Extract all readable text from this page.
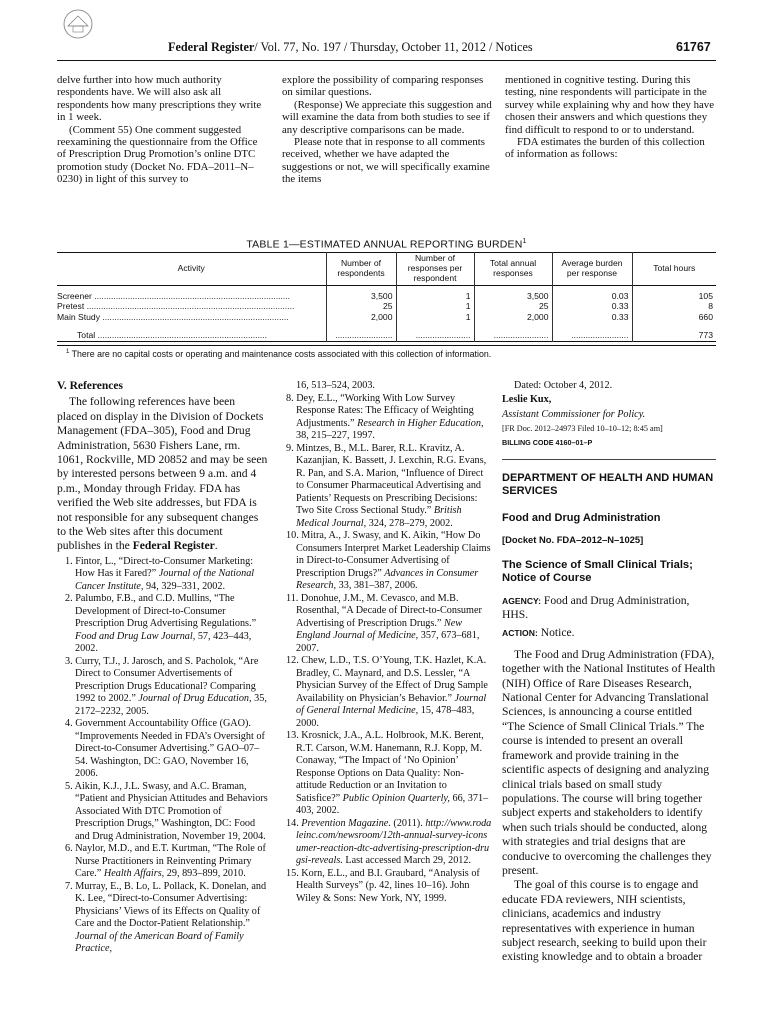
Federal Register/ Vol. 77, No. 197 / Thursday, October 11, 2012 / Notices	61767

delve further into how much authority respondents have. We will also ask all respondents how many prescriptions they write in 1 week.

(Comment 55) One comment suggested reexamining the questionnaire from the Office of Prescription Drug Promotion’s online DTC promotion study (Docket No. FDA–2011–N–0230) in light of this survey to

explore the possibility of comparing responses on similar questions.

(Response) We appreciate this suggestion and will examine the data from both studies to see if any descriptive comparisons can be made.

Please note that in response to all comments received, whether we have adapted the suggestions or not, we will specifically examine the items

mentioned in cognitive testing. During this testing, nine respondents will participate in the survey while explaining why and how they have chosen their answers and which questions they find difficult to respond to or to understand.

FDA estimates the burden of this collection of information as follows:

TABLE 1—ESTIMATED ANNUAL REPORTING BURDEN$^1$
Activity	Number of respondents	Number of responses per respondent	Total annual responses	Average burden per response	Total hours

Screener ..................................................................................	3,500	1	3,500	0.03	105
Pretest .......................................................................................	25	1	25	0.33	8
Main Study ..............................................................................	2,000	1	2,000	0.33	660

Total .......................................................................	........................	.......................	.......................	........................	773

$^1$ There are no capital costs or operating and maintenance costs associated with this collection of information.

V. References

The following references have been placed on display in the Division of Dockets Management (FDA–305), Food and Drug Administration, 5630 Fishers Lane, rm. 1061, Rockville, MD 20852 and may be seen by interested persons between 9 a.m. and 4 p.m., Monday through Friday. FDA has verified the Web site addresses, but FDA is not responsible for any subsequent changes to the Web sites after this document publishes in the Federal Register.

1. Fintor, L., “Direct-to-Consumer Marketing: How Has it Fared?” Journal of the National Cancer Institute, 94, 329–331, 2002.

2. Palumbo, F.B., and C.D. Mullins, “The Development of Direct-to-Consumer Prescription Drug Advertising Regulations.” Food and Drug Law Journal, 57, 423–443, 2002.

3. Curry, T.J., J. Jarosch, and S. Pacholok, “Are Direct to Consumer Advertisements of Prescription Drugs Educational? Comparing 1992 to 2002.” Journal of Drug Education, 35, 2172–2232, 2005.

4. Government Accountability Office (GAO). “Improvements Needed in FDA’s Oversight of Direct-to-Consumer Advertising.” GAO–07–54. Washington, DC: GAO, November 16, 2006.

5. Aikin, K.J., J.L. Swasy, and A.C. Braman, “Patient and Physician Attitudes and Behaviors Associated With DTC Promotion of Prescription Drugs,” Washington, DC: Food and Drug Administration, November 19, 2004.

6. Naylor, M.D., and E.T. Kurtman, “The Role of Nurse Practitioners in Reinventing Primary Care.” Health Affairs, 29, 893–899, 2010.

7. Murray, E., B. Lo, L. Pollack, K. Donelan, and K. Lee, “Direct-to-Consumer Advertising: Physicians’ Views of its Effects on Quality of Care and the Doctor-Patient Relationship.” Journal of the American Board of Family Practice,

16, 513–524, 2003.

8. Dey, E.L., “Working With Low Survey Response Rates: The Efficacy of Weighting Adjustments.” Research in Higher Education, 38, 215–227, 1997.

9. Mintzes, B., M.L. Barer, R.L. Kravitz, A. Kazanjian, K. Bassett, J. Lexchin, R.G. Evans, R. Pan, and S.A. Marion, “Influence of Direct to Consumer Pharmaceutical Advertising and Patients’ Requests on Prescribing Decisions: Two Site Cross Sectional Study.” British Medical Journal, 324, 278–279, 2002.

10. Mitra, A., J. Swasy, and K. Aikin, “How Do Consumers Interpret Market Leadership Claims in Direct-to-Consumer Advertising of Prescription Drugs?” Advances in Consumer Research, 33, 381–387, 2006.

11. Donohue, J.M., M. Cevasco, and M.B. Rosenthal, “A Decade of Direct-to-Consumer Advertising of Prescription Drugs.” New England Journal of Medicine, 357, 673–681, 2007.

12. Chew, L.D., T.S. O’Young, T.K. Hazlet, K.A. Bradley, C. Maynard, and D.S. Lessler, “A Physician Survey of the Effect of Drug Sample Availability on Physician’s Behavior.” Journal of General Internal Medicine, 15, 478–483, 2000.

13. Krosnick, J.A., A.L. Holbrook, M.K. Berent, R.T. Carson, W.M. Hanemann, R.J. Kopp, M. Conaway, “The Impact of ‘No Opinion’ Response Options on Data Quality: Non-attitude Reduction or an Invitation to Satisfice?” Public Opinion Quarterly, 66, 371–403, 2002.

14. Prevention Magazine. (2011). http://www.rodaleinc.com/newsroom/12th-annual-survey-iconsumer-reaction-dtc-advertising-prescription-drugsi-reveals. Last accessed March 29, 2012.

15. Korn, E.L., and B.I. Graubard, “Analysis of Health Surveys” (p. 42, lines 10–16). John Wiley & Sons: New York, NY, 1999.

Dated: October 4, 2012.

Leslie Kux,

Assistant Commissioner for Policy.

[FR Doc. 2012–24973 Filed 10–10–12; 8:45 am]

BILLING CODE 4160–01–P

DEPARTMENT OF HEALTH AND HUMAN SERVICES

Food and Drug Administration

[Docket No. FDA–2012–N–1025]

The Science of Small Clinical Trials; Notice of Course

AGENCY: Food and Drug Administration, HHS.

ACTION: Notice.

The Food and Drug Administration (FDA), together with the National Institutes of Health (NIH) Office of Rare Diseases Research, National Center for Advancing Translational Sciences, is announcing a course entitled “The Science of Small Clinical Trials.” The course is intended to present an overall framework and provide training in the scientific aspects of designing and analyzing clinical trials based on small study populations. The course will bring together subject experts and stakeholders to identify when such trials should be conducted, along with strategies and trial designs that are conducive to overcoming the challenges they present.

The goal of this course is to engage and educate FDA reviewers, NIH scientists, clinicians, academics and industry representatives with experience in human subject research, seeking to build upon their existing knowledge and to obtain a broader
